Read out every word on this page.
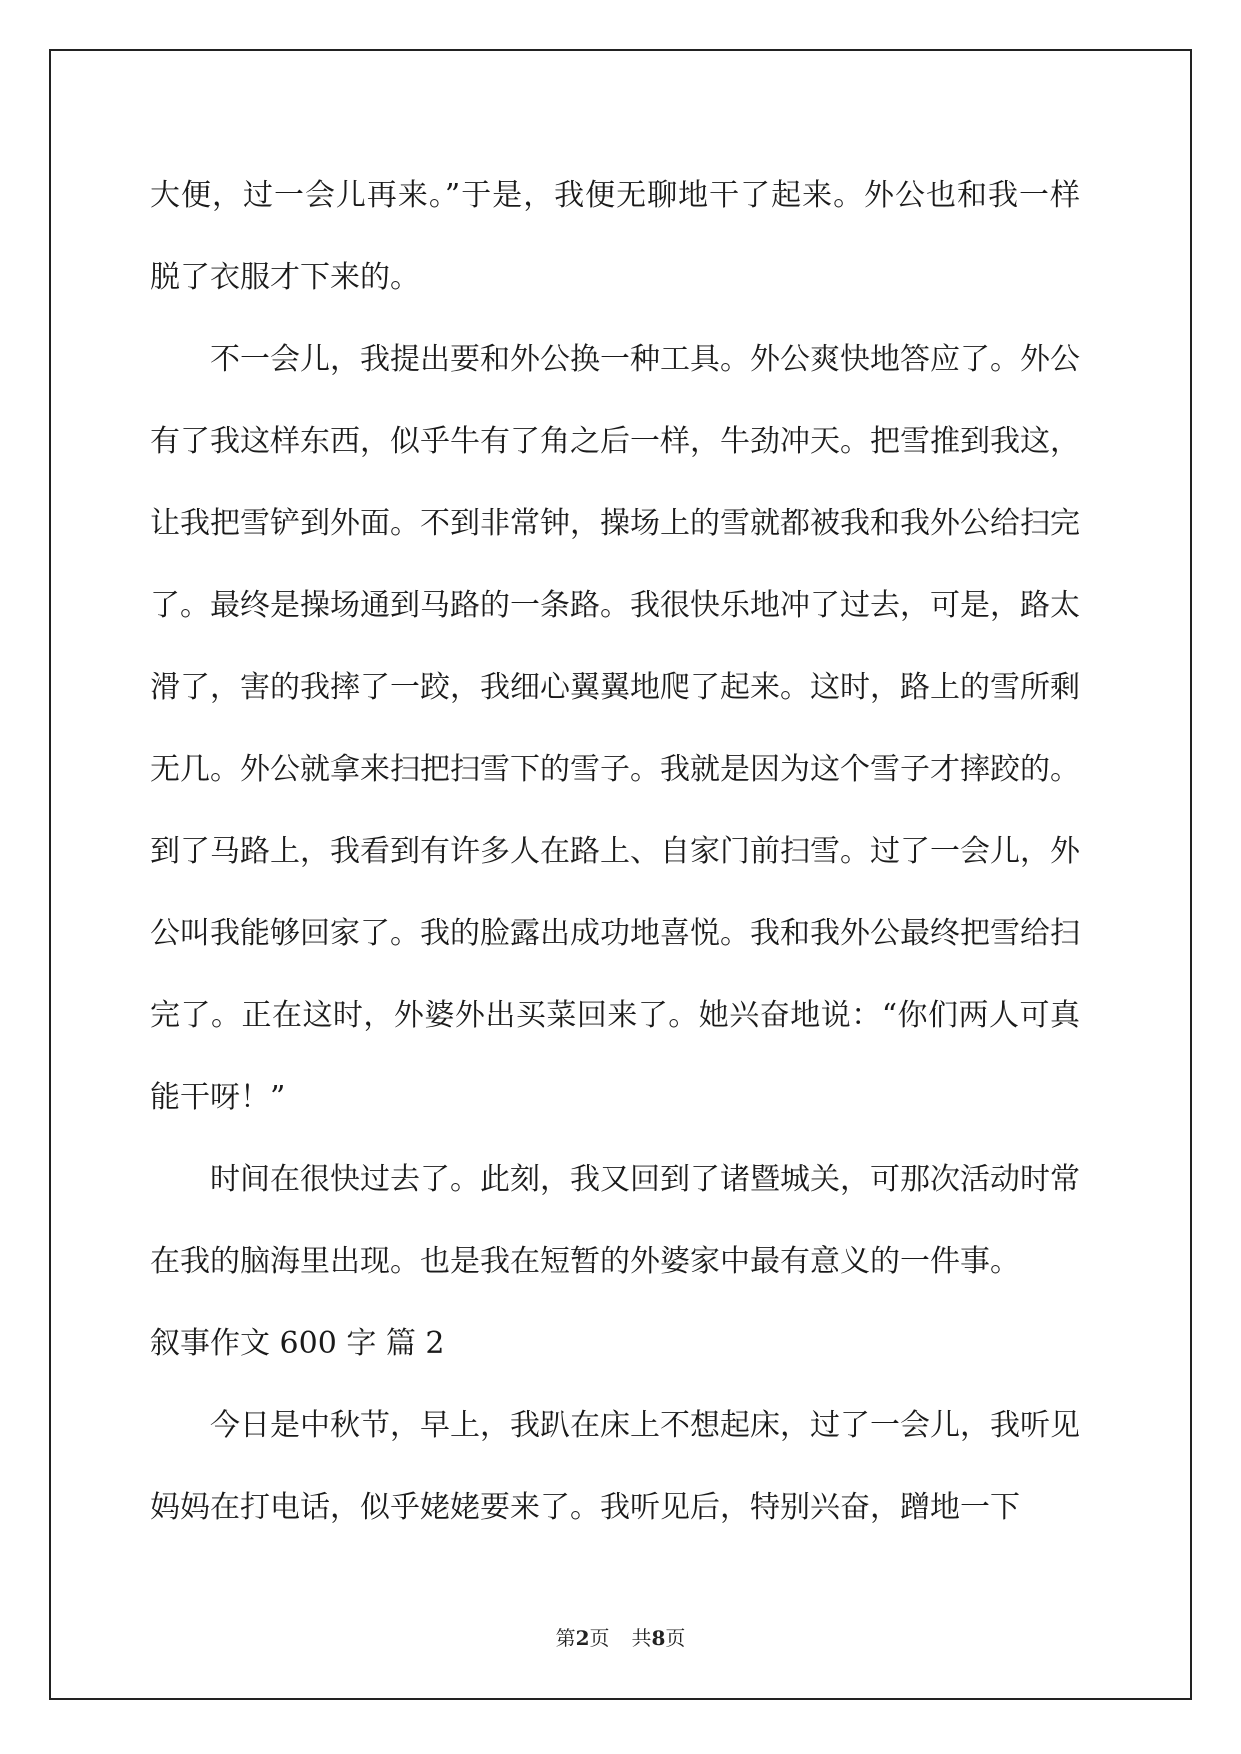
大便，过一会儿再来。”于是，我便无聊地干了起来。外公也和我一样脱了衣服才下来的。

不一会儿，我提出要和外公换一种工具。外公爽快地答应了。外公有了我这样东西，似乎牛有了角之后一样，牛劲冲天。把雪推到我这，让我把雪铲到外面。不到非常钟，操场上的雪就都被我和我外公给扫完了。最终是操场通到马路的一条路。我很快乐地冲了过去，可是，路太滑了，害的我摔了一跤，我细心翼翼地爬了起来。这时，路上的雪所剩无几。外公就拿来扫把扫雪下的雪子。我就是因为这个雪子才摔跤的。到了马路上，我看到有许多人在路上、自家门前扫雪。过了一会儿，外公叫我能够回家了。我的脸露出成功地喜悦。我和我外公最终把雪给扫完了。正在这时，外婆外出买菜回来了。她兴奋地说：“你们两人可真能干呀！”

时间在很快过去了。此刻，我又回到了诸暨城关，可那次活动时常在我的脑海里出现。也是我在短暂的外婆家中最有意义的一件事。

叙事作文 600 字 篇 2

今日是中秋节，早上，我趴在床上不想起床，过了一会儿，我听见妈妈在打电话，似乎姥姥要来了。我听见后，特别兴奋，蹭地一下

第2页 共8页
